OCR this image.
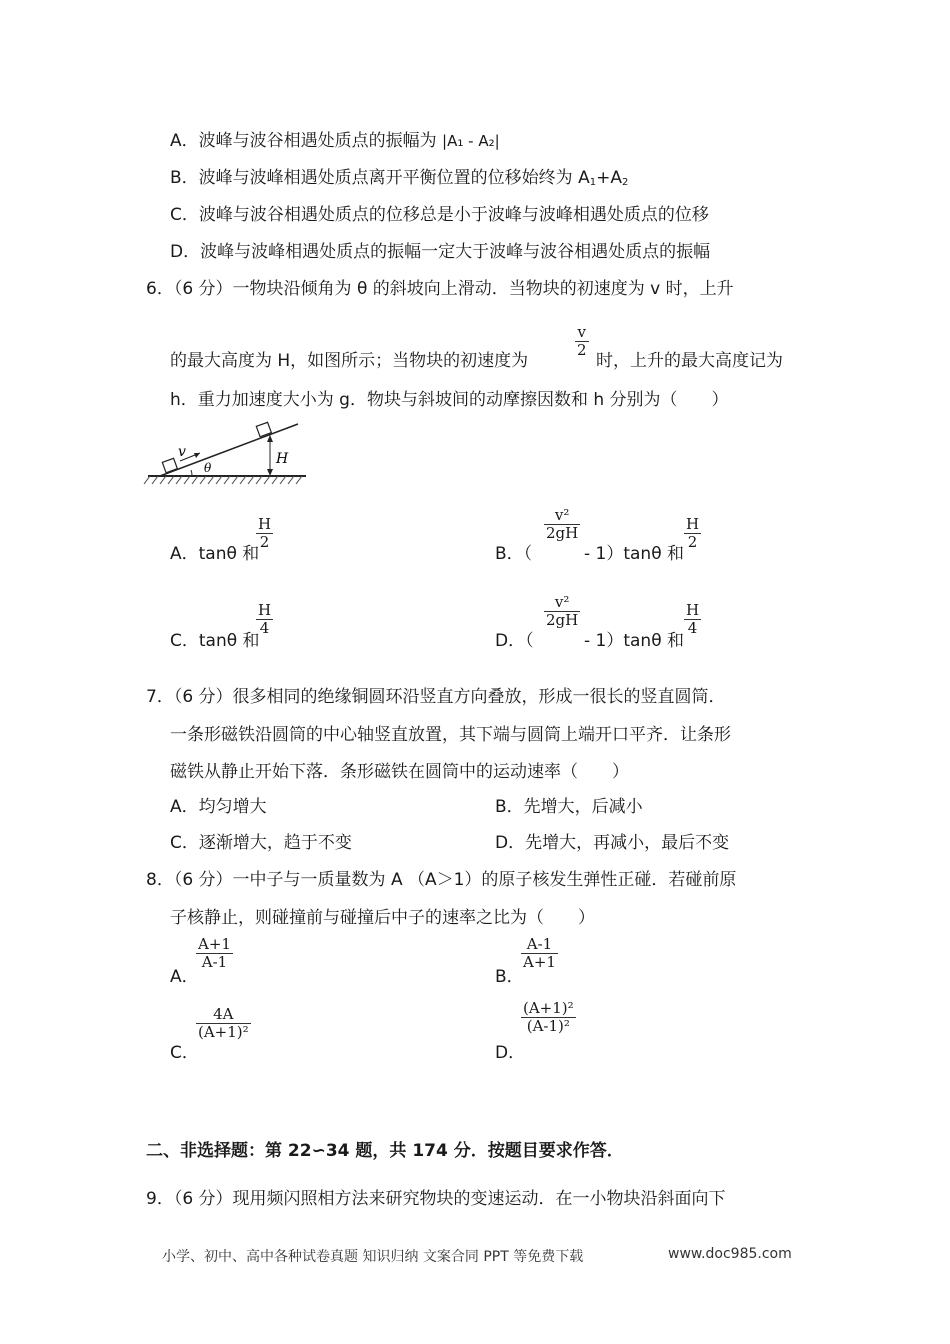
A．波峰与波谷相遇处质点的振幅为 |A₁ - A₂|
B．波峰与波峰相遇处质点离开平衡位置的位移始终为 $A_1+A_2$
C．波峰与波谷相遇处质点的位移总是小于波峰与波峰相遇处质点的位移
D．波峰与波峰相遇处质点的振幅一定大于波峰与波谷相遇处质点的振幅
6．（6 分）一物块沿倾角为 θ 的斜坡向上滑动．当物块的初速度为 v 时，上升
的最大高度为 H，如图所示；当物块的初速度为
$\frac{v}{2}$
时，上升的最大高度记为
h．重力加速度大小为 g．物块与斜坡间的动摩擦因数和 h 分别为（　　）
v
θ
H
A．tanθ 和
$\frac{H}{2}$
B．（
$\frac{\text{v²}}{2gH}$
- 1）tanθ 和
$\frac{H}{2}$
C．tanθ 和
$\frac{H}{4}$
D．（
$\frac{\text{v²}}{2gH}$
- 1）tanθ 和
$\frac{H}{4}$
7．（6 分）很多相同的绝缘铜圆环沿竖直方向叠放，形成一很长的竖直圆筒．
一条形磁铁沿圆筒的中心轴竖直放置，其下端与圆筒上端开口平齐．让条形
磁铁从静止开始下落．条形磁铁在圆筒中的运动速率（　　）
A．均匀增大	B．先增大，后减小
C．逐渐增大，趋于不变	D．先增大，再减小，最后不变
8．（6 分）一中子与一质量数为 A （A＞1）的原子核发生弹性正碰．若碰前原
子核静止，则碰撞前与碰撞后中子的速率之比为（　　）
A．
$\frac{A+1}{A-1}$
B．
$\frac{A-1}{A+1}$
C．
$\frac{4A}{\text{(A+1)²}}$
D．
$\frac{\text{(A+1)²}}{\text{(A-1)²}}$
二、非选择题：第 22∽34 题，共 174 分．按题目要求作答．
9．（6 分）现用频闪照相方法来研究物块的变速运动．在一小物块沿斜面向下
小学、初中、高中各种试卷真题 知识归纳 文案合同 PPT 等免费下载	www.doc985.com
